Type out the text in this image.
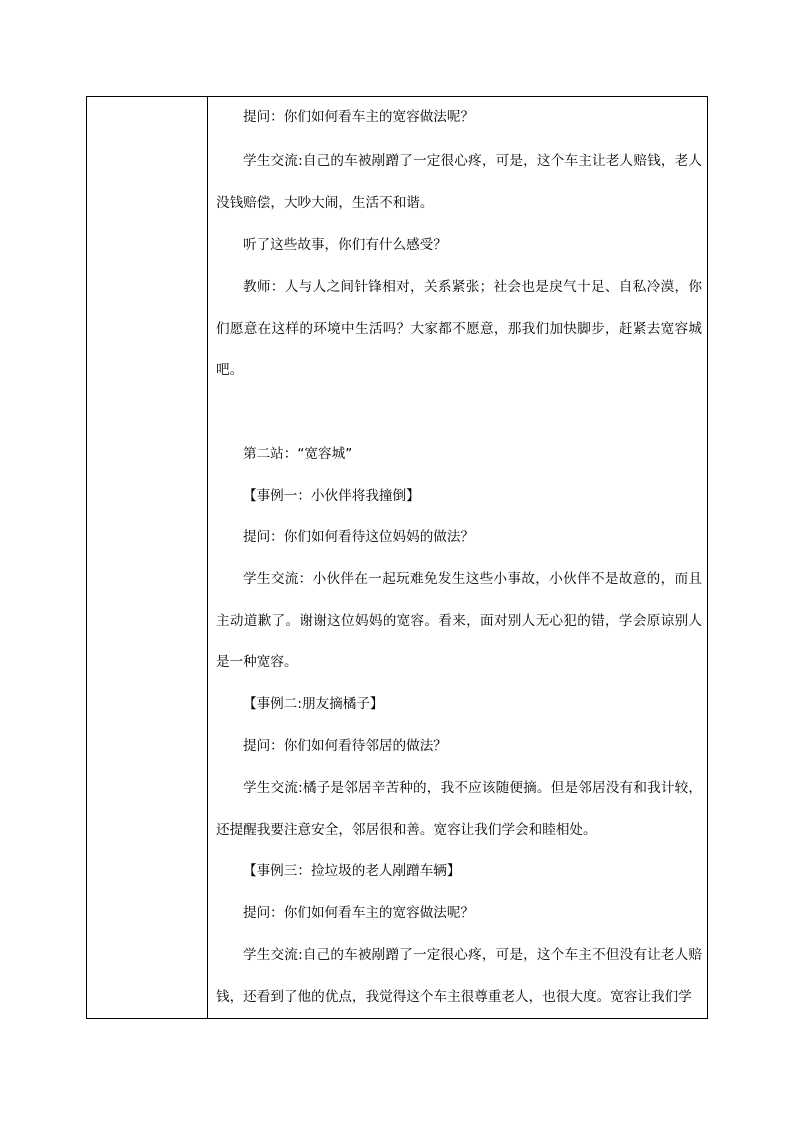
提问：你们如何看车主的宽容做法呢？

学生交流:自己的车被剐蹭了一定很心疼，可是，这个车主让老人赔钱，老人没钱赔偿，大吵大闹，生活不和谐。

听了这些故事，你们有什么感受？

教师：人与人之间针锋相对，关系紧张；社会也是戾气十足、自私冷漠，你们愿意在这样的环境中生活吗？大家都不愿意，那我们加快脚步，赶紧去宽容城吧。

第二站：“宽容城”

【事例一：小伙伴将我撞倒】

提问：你们如何看待这位妈妈的做法？

学生交流：小伙伴在一起玩难免发生这些小事故，小伙伴不是故意的，而且主动道歉了。谢谢这位妈妈的宽容。看来，面对别人无心犯的错，学会原谅别人是一种宽容。

【事例二:朋友摘橘子】

提问：你们如何看待邻居的做法？

学生交流:橘子是邻居辛苦种的，我不应该随便摘。但是邻居没有和我计较，还提醒我要注意安全，邻居很和善。宽容让我们学会和睦相处。

【事例三：捡垃圾的老人剐蹭车辆】

提问：你们如何看车主的宽容做法呢？

学生交流:自己的车被剐蹭了一定很心疼，可是，这个车主不但没有让老人赔钱，还看到了他的优点，我觉得这个车主很尊重老人，也很大度。宽容让我们学
